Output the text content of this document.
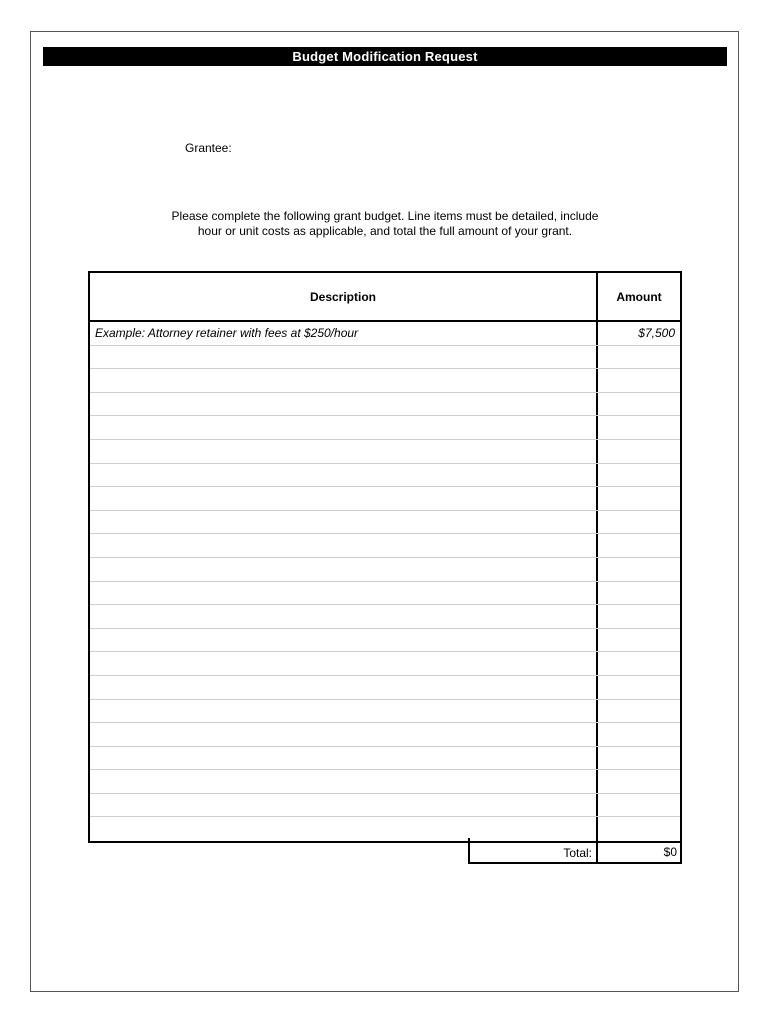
Budget Modification Request
Grantee:
Please complete the following grant budget. Line items must be detailed, include
hour or unit costs as applicable, and total the full amount of your grant.
Description	Amount
Example: Attorney retainer with fees at $250/hour	$7,500
Total:	$0
